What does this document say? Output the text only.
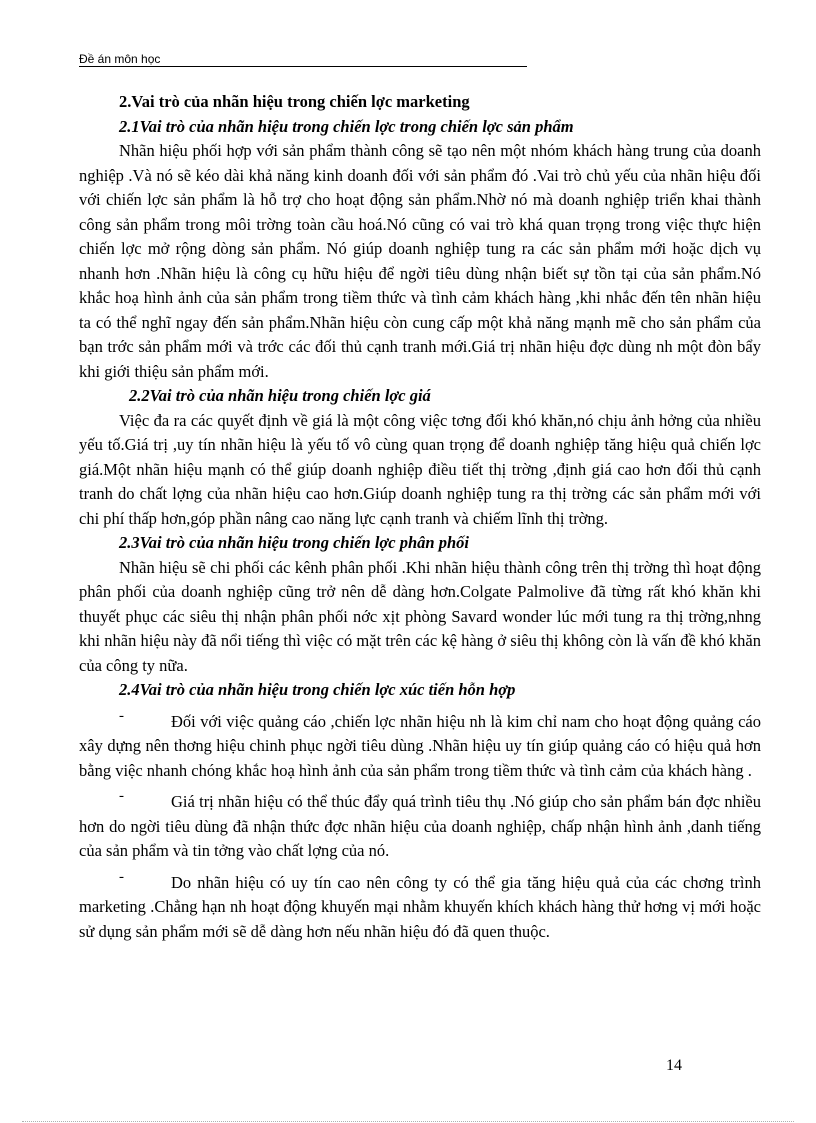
Đề án môn học

2.Vai trò của nhãn hiệu trong chiến lợc marketing

2.1Vai trò của nhãn hiệu trong chiến lợc trong chiến lợc sản phẩm

Nhãn hiệu phối hợp với sản phẩm thành công sẽ tạo nên một nhóm khách hàng trung của doanh nghiệp .Và nó sẽ kéo dài khả năng kinh doanh đối với sản phẩm đó .Vai trò chủ yếu của nhãn hiệu đối với chiến lợc sản phẩm là hỗ trợ cho hoạt động sản phẩm.Nhờ nó mà doanh nghiệp triển khai thành công sản phẩm trong môi trờng toàn cầu hoá.Nó cũng có vai trò khá quan trọng trong việc thực hiện chiến lợc mở rộng dòng sản phẩm. Nó giúp doanh nghiệp tung ra các sản phẩm mới hoặc dịch vụ nhanh hơn .Nhãn hiệu là công cụ hữu hiệu để ngời tiêu dùng nhận biết sự tồn tại của sản phẩm.Nó khắc hoạ hình ảnh của sản phẩm trong tiềm thức và tình cảm khách hàng ,khi nhắc đến tên nhãn hiệu ta có thể nghĩ ngay đến sản phẩm.Nhãn hiệu còn cung cấp một khả năng mạnh mẽ cho sản phẩm của bạn trớc sản phẩm mới và trớc các đối thủ cạnh tranh mới.Giá trị nhãn hiệu đợc dùng nh một đòn bẩy khi giới thiệu sản phẩm mới.

2.2Vai trò của nhãn hiệu trong chiến lợc giá

Việc đa ra các quyết định về giá là một công việc tơng đối khó khăn,nó chịu ảnh hởng của nhiều yếu tố.Giá trị ,uy tín nhãn hiệu là yếu tố vô cùng quan trọng để doanh nghiệp tăng hiệu quả chiến lợc giá.Một nhãn hiệu mạnh có thể giúp doanh nghiệp điều tiết thị trờng ,định giá cao hơn đối thủ cạnh tranh do chất lợng của nhãn hiệu cao hơn.Giúp doanh nghiệp tung ra thị trờng các sản phẩm mới với chi phí thấp hơn,góp phần nâng cao năng lực cạnh tranh và chiếm lĩnh thị trờng.

2.3Vai trò của nhãn hiệu trong chiến lợc phân phối

Nhãn hiệu sẽ chi phối các kênh phân phối .Khi nhãn hiệu thành công trên thị trờng thì hoạt động phân phối của doanh nghiệp cũng trở nên dễ dàng hơn.Colgate Palmolive đã từng rất khó khăn khi thuyết phục các siêu thị nhận phân phối nớc xịt phòng Savard wonder lúc mới tung ra thị trờng,nhng khi nhãn hiệu này đã nổi tiếng thì việc có mặt trên các kệ hàng ở siêu thị không còn là vấn đề khó khăn của công ty nữa.

2.4Vai trò của nhãn hiệu trong chiến lợc xúc tiến hỗn hợp

-	Đối với việc quảng cáo ,chiến lợc nhãn hiệu nh là kim chỉ nam cho hoạt động quảng cáo xây dựng nên thơng hiệu chinh phục ngời tiêu dùng .Nhãn hiệu uy tín giúp quảng cáo có hiệu quả hơn bằng việc nhanh chóng khắc hoạ hình ảnh của sản phẩm trong tiềm thức và tình cảm của khách hàng .

-	Giá trị nhãn hiệu có thể thúc đẩy quá trình tiêu thụ .Nó giúp cho sản phẩm bán đợc nhiều hơn do ngời tiêu dùng đã nhận thức đợc nhãn hiệu của doanh nghiệp, chấp nhận hình ảnh ,danh tiếng của sản phẩm và tin tởng vào chất lợng của nó.

-	Do nhãn hiệu có uy tín cao nên công ty có thể gia tăng hiệu quả của các chơng trình marketing .Chẳng hạn nh hoạt động khuyến mại nhằm khuyến khích khách hàng thử hơng vị mới hoặc sử dụng sản phẩm mới sẽ dễ dàng hơn nếu nhãn hiệu đó đã quen thuộc.

14
